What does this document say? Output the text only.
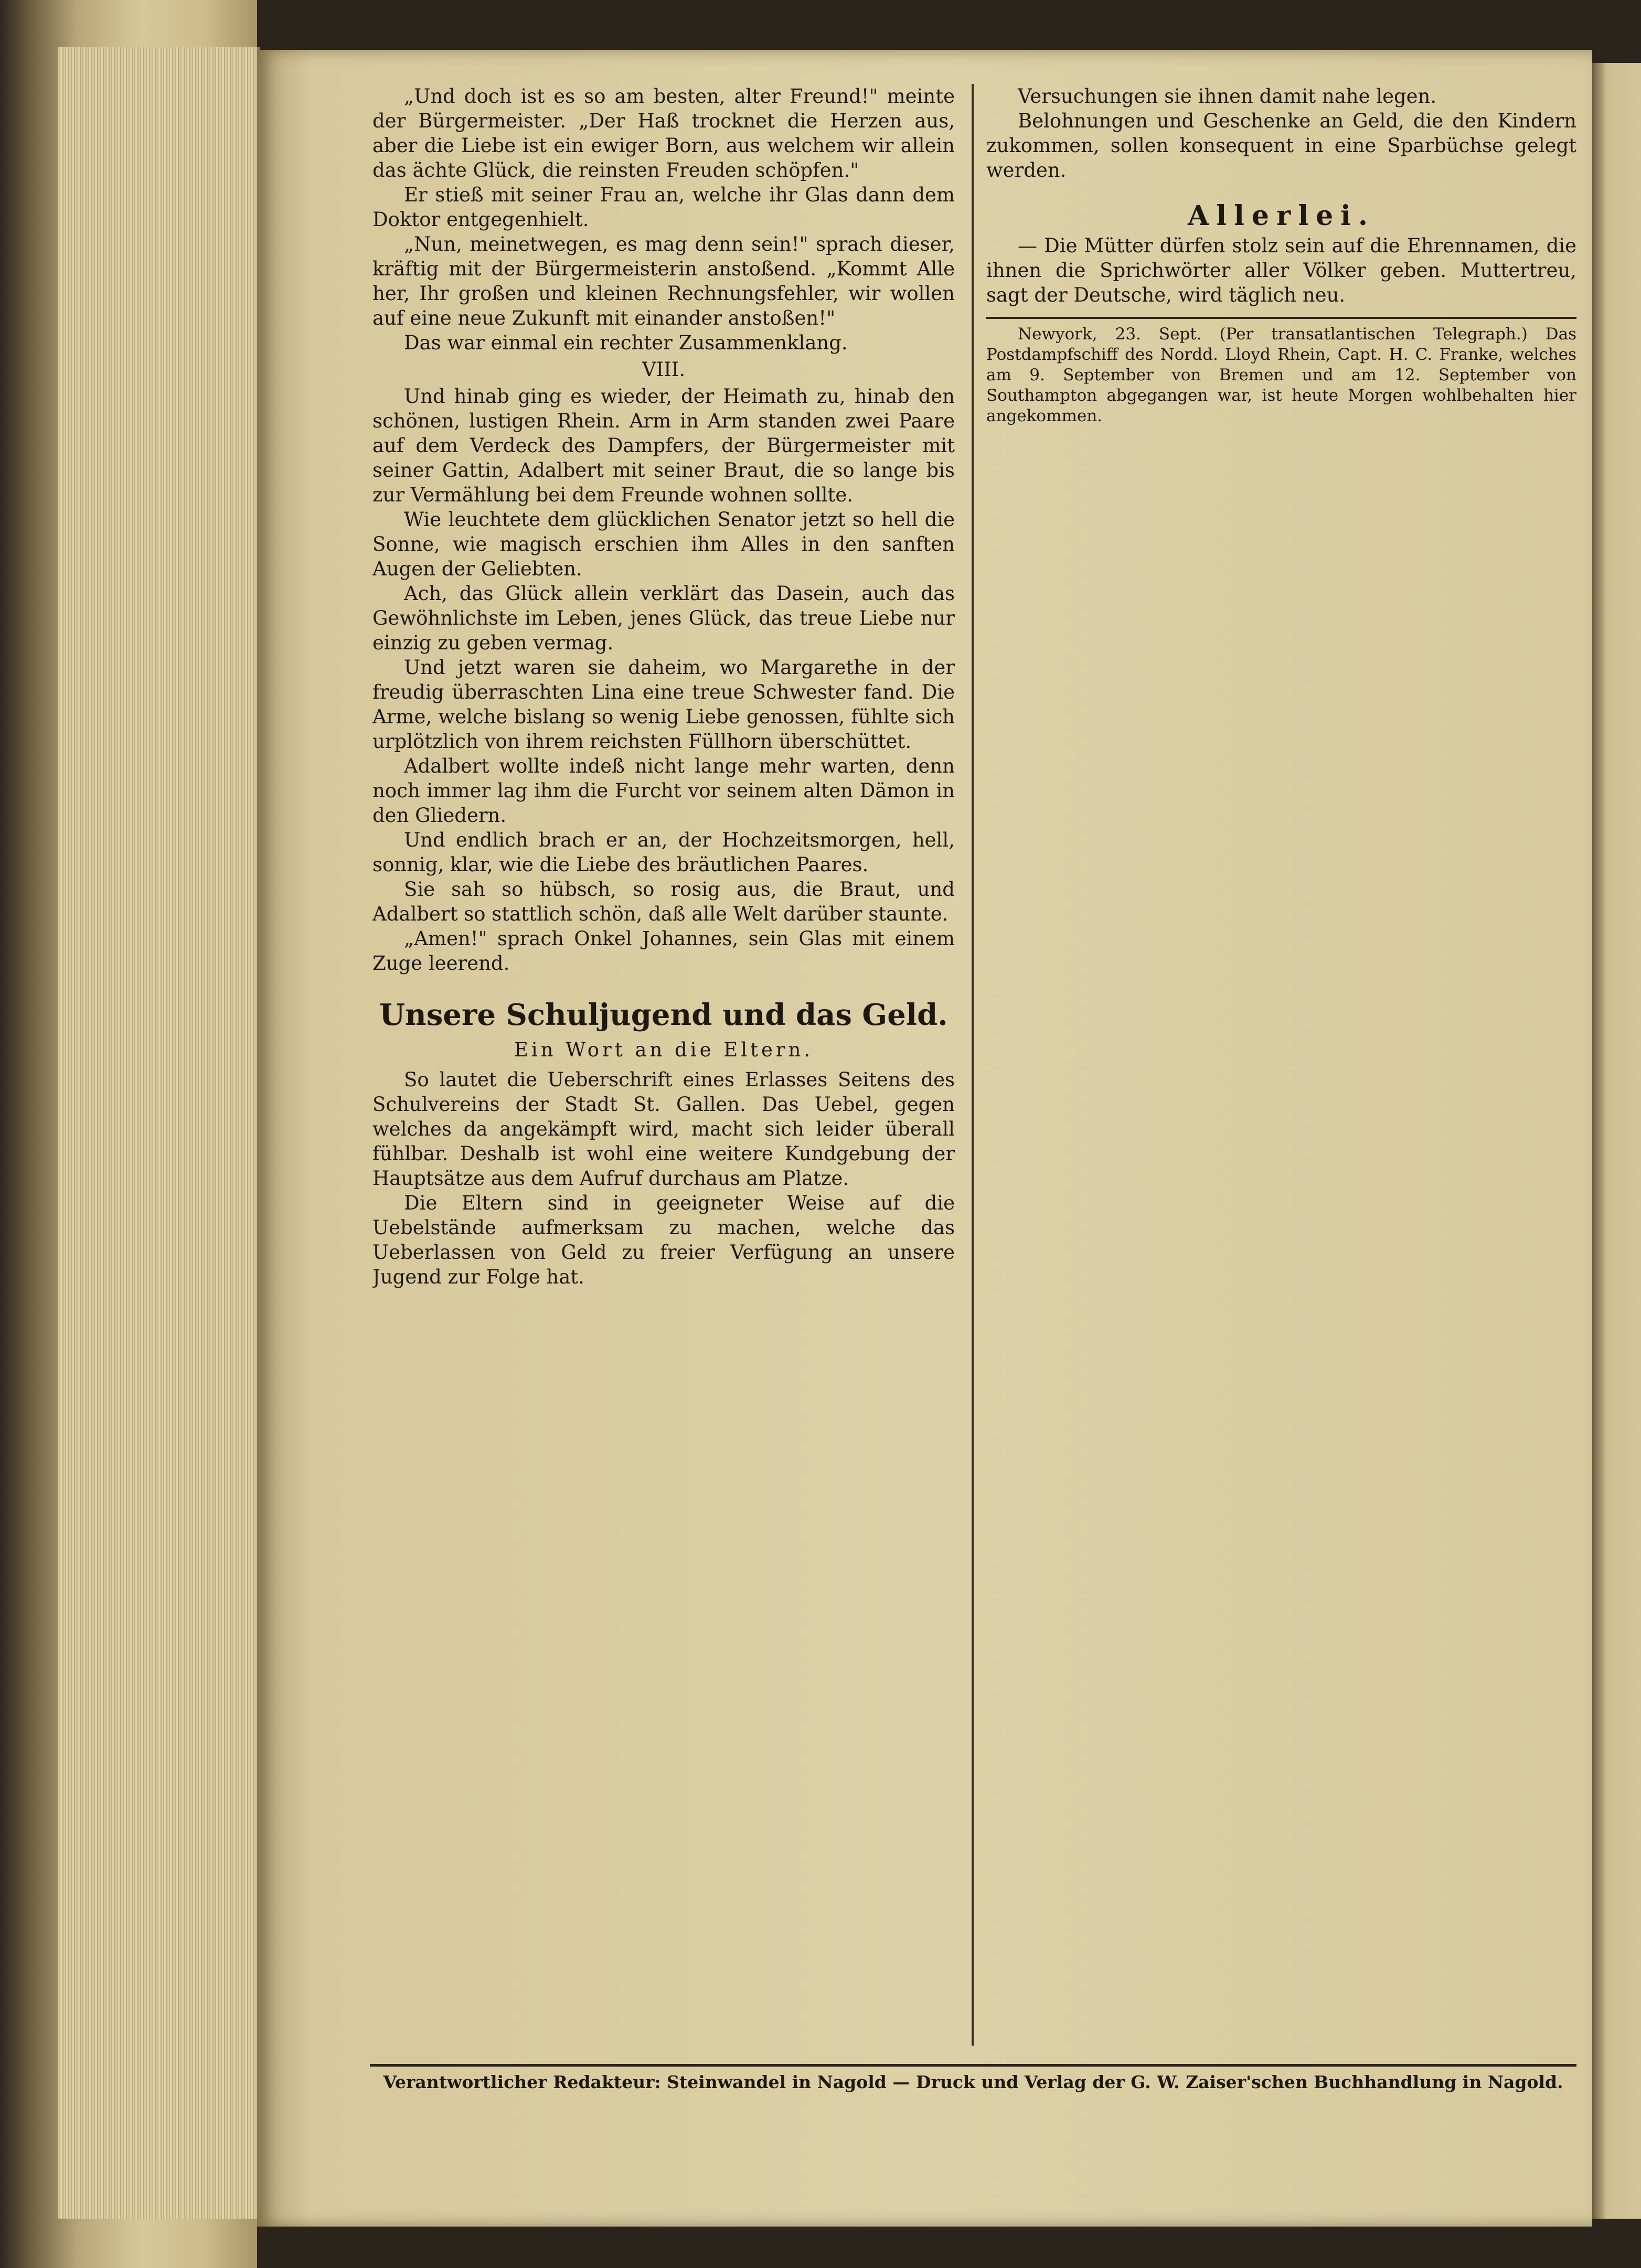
„Und doch ist es so am besten, alter Freund!" meinte der Bürgermeister. „Der Haß trocknet die Herzen aus, aber die Liebe ist ein ewiger Born, aus welchem wir allein das ächte Glück, die reinsten Freuden schöpfen."

Er stieß mit seiner Frau an, welche ihr Glas dann dem Doktor entgegenhielt.

„Nun, meinetwegen, es mag denn sein!" sprach dieser, kräftig mit der Bürgermeisterin anstoßend. „Kommt Alle her, Ihr großen und kleinen Rechnungsfehler, wir wollen auf eine neue Zukunft mit einander anstoßen!"

Das war einmal ein rechter Zusammenklang.

VIII.

Und hinab ging es wieder, der Heimath zu, hinab den schönen, lustigen Rhein. Arm in Arm standen zwei Paare auf dem Verdeck des Dampfers, der Bürgermeister mit seiner Gattin, Adalbert mit seiner Braut, die so lange bis zur Vermählung bei dem Freunde wohnen sollte.

Wie leuchtete dem glücklichen Senator jetzt so hell die Sonne, wie magisch erschien ihm Alles in den sanften Augen der Geliebten.

Ach, das Glück allein verklärt das Dasein, auch das Gewöhnlichste im Leben, jenes Glück, das treue Liebe nur einzig zu geben vermag.

Und jetzt waren sie daheim, wo Margarethe in der freudig überraschten Lina eine treue Schwester fand. Die Arme, welche bislang so wenig Liebe genossen, fühlte sich urplötzlich von ihrem reichsten Füllhorn überschüttet.

Adalbert wollte indeß nicht lange mehr warten, denn noch immer lag ihm die Furcht vor seinem alten Dämon in den Gliedern.

Und endlich brach er an, der Hochzeitsmorgen, hell, sonnig, klar, wie die Liebe des bräutlichen Paares.

Sie sah so hübsch, so rosig aus, die Braut, und Adalbert so stattlich schön, daß alle Welt darüber staunte.

„Amen!" sprach Onkel Johannes, sein Glas mit einem Zuge leerend.

Unsere Schuljugend und das Geld.

Ein Wort an die Eltern.

So lautet die Ueberschrift eines Erlasses Seitens des Schulvereins der Stadt St. Gallen. Das Uebel, gegen welches da angekämpft wird, macht sich leider überall fühlbar. Deshalb ist wohl eine weitere Kundgebung der Hauptsätze aus dem Aufruf durchaus am Platze.

Die Eltern sind in geeigneter Weise auf die Uebelstände aufmerksam zu machen, welche das Ueberlassen von Geld zu freier Verfügung an unsere Jugend zur Folge hat.

Versuchungen sie ihnen damit nahe legen.

Belohnungen und Geschenke an Geld, die den Kindern zukommen, sollen konsequent in eine Sparbüchse gelegt werden.

Allerlei.

— Die Mütter dürfen stolz sein auf die Ehrennamen, die ihnen die Sprichwörter aller Völker geben. Muttertreu, sagt der Deutsche, wird täglich neu.

Newyork, 23. Sept. (Per transatlantischen Telegraph.) Das Postdampfschiff des Nordd. Lloyd Rhein, Capt. H. C. Franke, welches am 9. September von Bremen und am 12. September von Southampton abgegangen war, ist heute Morgen wohlbehalten hier angekommen.

Verantwortlicher Redakteur: Steinwandel in Nagold — Druck und Verlag der G. W. Zaiser'schen Buchhandlung in Nagold.
